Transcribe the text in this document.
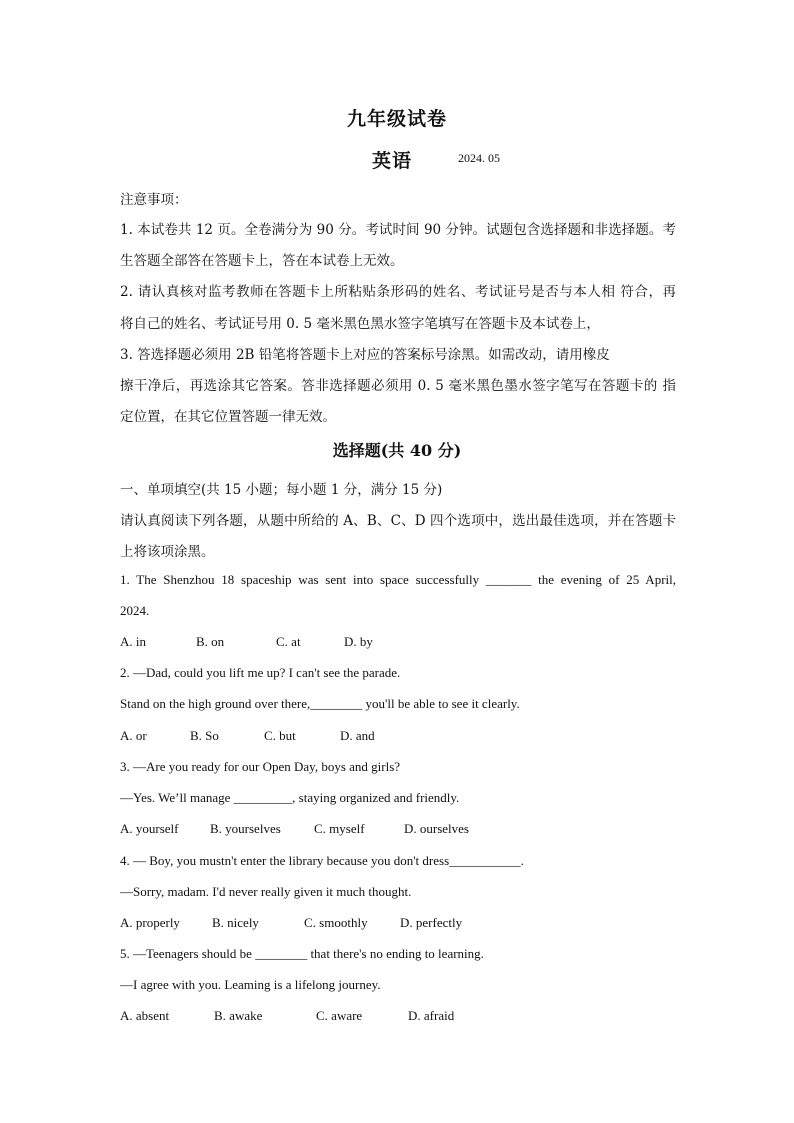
九年级试卷
英语	2024. 05
注意事项：
1. 本试卷共 12 页。全卷满分为 90 分。考试时间 90 分钟。试题包含选择题和非选择题。考
生答题全部答在答题卡上，答在本试卷上无效。
2. 请认真核对监考教师在答题卡上所粘贴条形码的姓名、考试证号是否与本人相 符合，再
将自己的姓名、考试证号用 0. 5 毫米黑色黑水签字笔填写在答题卡及本试卷上，
3. 答选择题必须用 2B 铅笔将答题卡上对应的答案标号涂黑。如需改动，请用橡皮
擦干净后，再选涂其它答案。答非选择题必须用 0. 5 毫米黑色墨水签字笔写在答题卡的 指
定位置，在其它位置答题一律无效。
选择题(共 40 分)
一、单项填空(共 15 小题；每小题 1 分，满分 15 分)
请认真阅读下列各题，从题中所给的 A、B、C、D 四个选项中，选出最佳选项，并在答题卡
上将该项涂黑。
1. The Shenzhou 18 spaceship was sent into space successfully _______ the evening of 25 April,
2024.
A. in	B. on	C. at	D. by
2. —Dad, could you lift me up? I can't see the parade.
Stand on the high ground over there,________ you'll be able to see it clearly.
A. or	B. So	C. but	D. and
3. —Are you ready for our Open Day, boys and girls?
—Yes. We’ll manage _________, staying organized and friendly.
A. yourself B. yourselves	C. myself	D. ourselves
4. — Boy, you mustn't enter the library because you don't dress___________.
—Sorry, madam. I'd never really given it much thought.
A. properly B. nicely	C. smoothly D. perfectly
5. —Teenagers should be ________ that there's no ending to learning.
—I agree with you. Leaming is a lifelong journey.
A. absent	B. awake	C. aware	D. afraid
